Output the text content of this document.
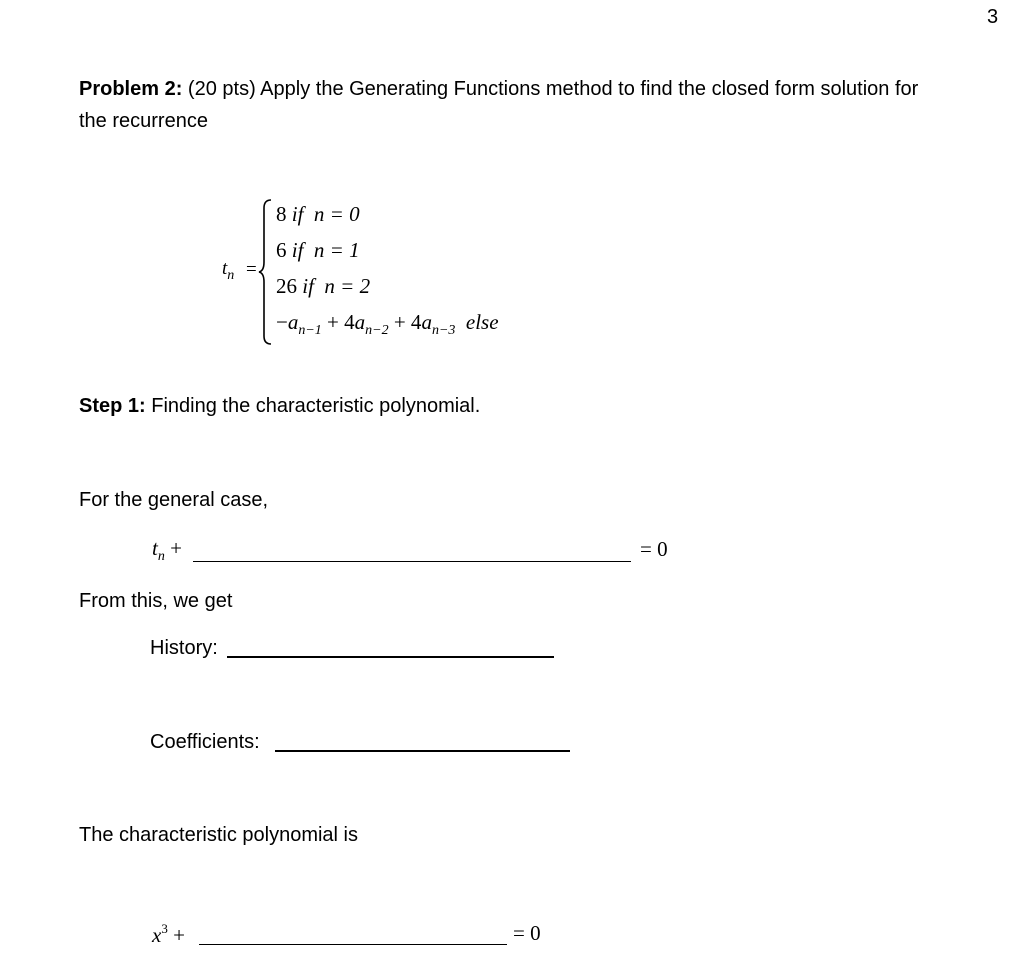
3
Problem 2: (20 pts) Apply the Generating Functions method to find the closed form solution for
the recurrence
$t_n$ =
8 if n = 0
6 if n = 1
26 if n = 2
$-a_{n-1} + 4a_{n-2} + 4a_{n-3}$ else
Step 1: Finding the characteristic polynomial.
For the general case,
$t_n$ +	= 0
From this, we get
History:
Coefficients:
The characteristic polynomial is
$x^3$ +	= 0
